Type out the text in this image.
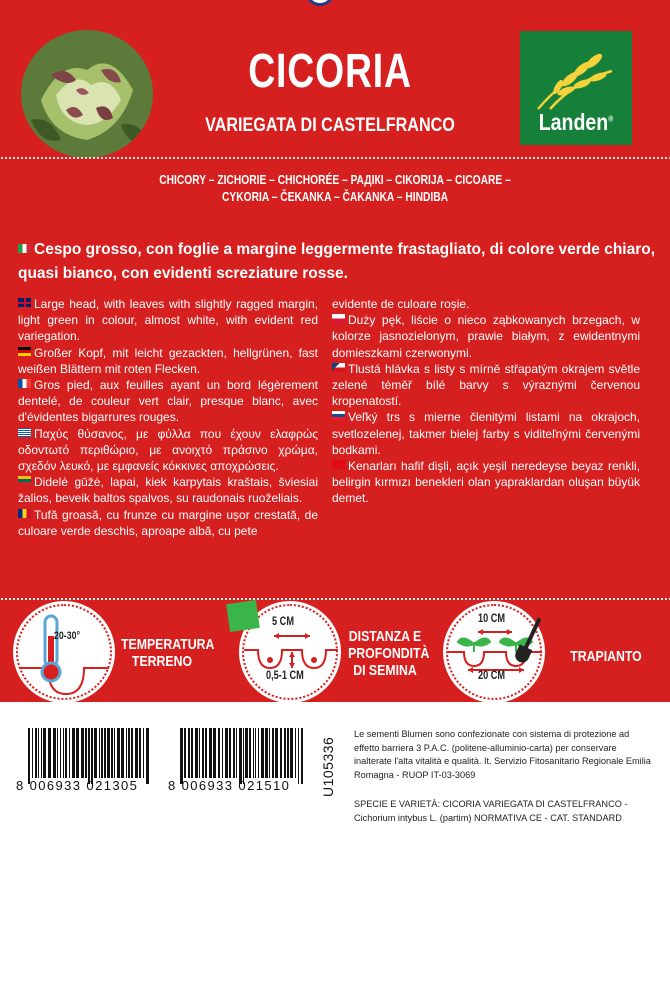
CICORIA
VARIEGATA DI CASTELFRANCO	Landen®
CHICORY – ZICHORIE – CHICHORÉE – РАДІКІ – CIKORIJA – CICOARE –
CYKORIA – ČEKANKA – ČAKANKA – HINDIBA
Cespo grosso, con foglie a margine leggermente frastagliato, di colore verde chiaro, quasi bianco, con evidenti screziature rosse.
Large head, with leaves with slightly ragged margin, light green in colour, almost white, with evident red variegation.
Großer Kopf, mit leicht gezackten, hellgrünen, fast weißen Blättern mit roten Flecken.
Gros pied, aux feuilles ayant un bord légèrement dentelé, de couleur vert clair, presque blanc, avec d'évidentes bigarrures rouges.
Παχύς θύσανος, με φύλλα που έχουν ελαφρώς οδοντωτό περιθώριο, με ανοιχτό πράσινο χρώμα, σχεδόν λευκό, με εμφανείς κόκκινες αποχρώσεις.
Didelė gūžė, lapai, kiek karpytais kraštais, šviesiai žalios, beveik baltos spalvos, su raudonais ruoželiais.
Tufă groasă, cu frunze cu margine ușor crestată, de culoare verde deschis, aproape albă, cu pete
evidente de culoare roșie.
Duży pęk, liście o nieco ząbkowanych brzegach, w kolorze jasnozielonym, prawie białym, z ewidentnymi domieszkami czerwonymi.
Tlustá hlávka s listy s mírně střapatým okrajem světle zelené téměř bílé barvy s výraznými červenou kropenatostí.
Veľký trs s mierne členitými listami na okrajoch, svetlozelenej, takmer bielej farby s viditeľnými červenými bodkami.
Kenarları hafif dişli, açık yeşil neredeyse beyaz renkli, belirgin kırmızı benekleri olan yapraklardan oluşan büyük demet.
20-30°	TEMPERATURA
TERRENO
5 CM
0,5-1 CM
DISTANZA E
PROFONDITÀ
DI SEMINA
10 CM
20 CM
TRAPIANTO
8 006933 021305 8 006933 021510 U105336
Le sementi Blumen sono confezionate con sistema di protezione ad effetto barriera 3 P.A.C. (politene-alluminio-carta) per conservare inalterate l'alta vitalità e qualità. It. Servizio Fitosanitario Regionale Emilia Romagna - RUOP IT-03-3069
SPECIE E VARIETÀ: CICORIA VARIEGATA DI CASTELFRANCO - Cichorium intybus L. (partim) NORMATIVA CE - CAT. STANDARD
